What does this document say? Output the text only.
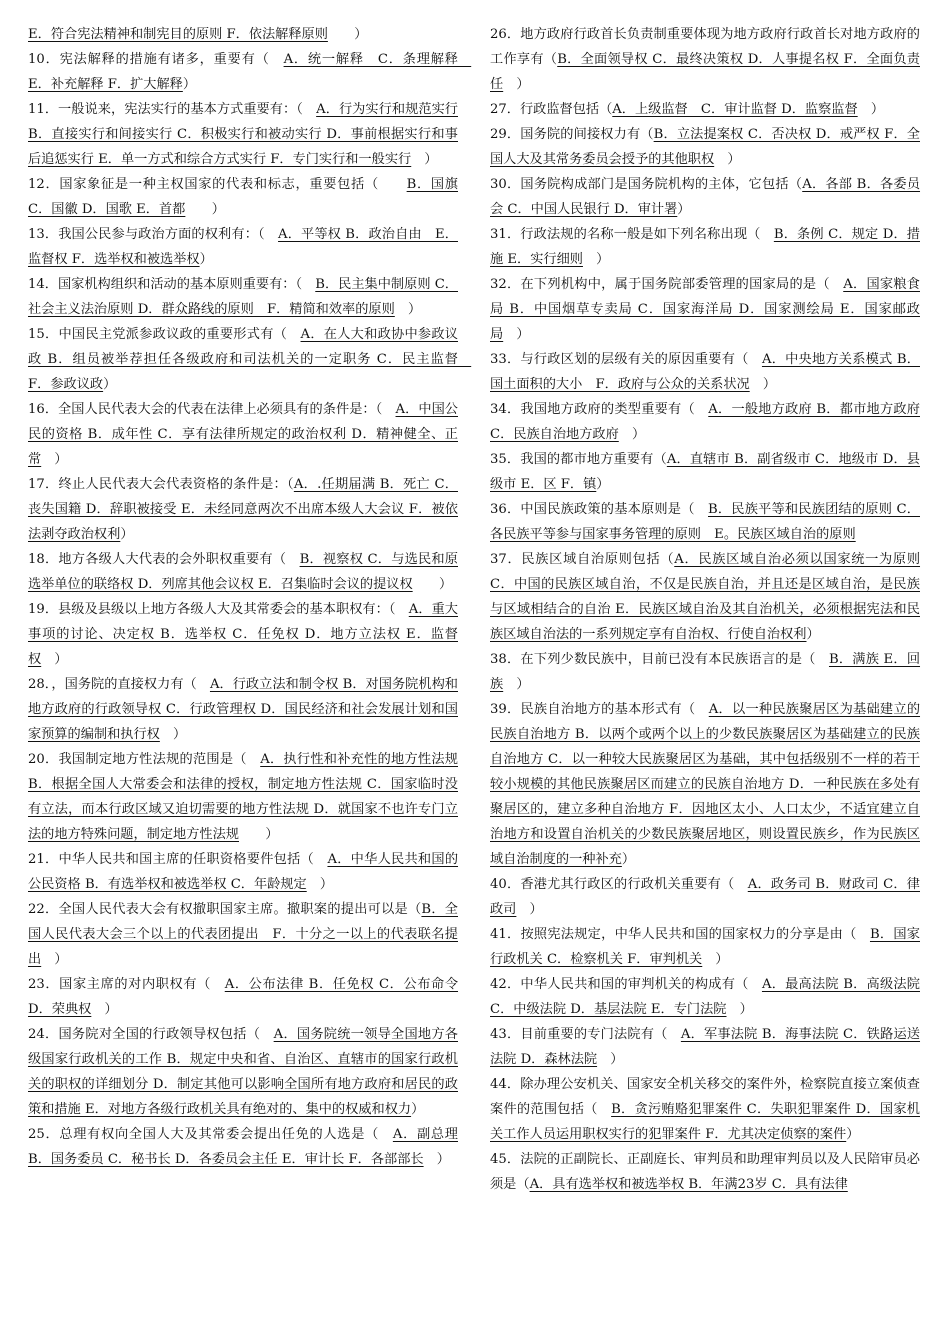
E．符合宪法精神和制宪目的原则 F．依法解释原则　　）

10．宪法解释的措施有诸多，重要有（　A．统一解释　C．条理解释　E．补充解释 F．扩大解释）

11．一般说来，宪法实行的基本方式重要有：（　A．行为实行和规范实行 B．直接实行和间接实行 C．积极实行和被动实行 D．事前根据实行和事后追惩实行 E．单一方式和综合方式实行 F．专门实行和一般实行　）

12．国家象征是一种主权国家的代表和标志，重要包括（　　B．国旗 C．国徽 D．国歌 E．首都　　）

13．我国公民参与政治方面的权利有：（　A．平等权 B．政治自由　E．监督权 F．选举权和被选举权）

14．国家机构组织和活动的基本原则重要有：（　B．民主集中制原则 C．社会主义法治原则 D．群众路线的原则　F．精简和效率的原则　）

15．中国民主党派参政议政的重要形式有（　A．在人大和政协中参政议政 B．组员被举荐担任各级政府和司法机关的一定职务 C．民主监督　F．参政议政）

16．全国人民代表大会的代表在法律上必须具有的条件是：（　A．中国公民的资格 B．成年性 C．享有法律所规定的政治权利 D．精神健全、正常　）

17．终止人民代表大会代表资格的条件是：（A．.任期届满 B．死亡 C．丧失国籍 D．辞职被接受 E．未经同意两次不出席本级人大会议 F．被依法剥夺政治权利）

18．地方各级人大代表的会外职权重要有（　B．视察权 C．与选民和原选举单位的联络权 D．列席其他会议权 E．召集临时会议的提议权　　）

19．县级及县级以上地方各级人大及其常委会的基本职权有：（　A．重大事项的讨论、决定权 B．选举权 C．任免权 D．地方立法权 E．监督权　）

28．，国务院的直接权力有（　A．行政立法和制令权 B．对国务院机构和地方政府的行政领导权 C．行政管理权 D．国民经济和社会发展计划和国家预算的编制和执行权　）

20．我国制定地方性法规的范围是（　A．执行性和补充性的地方性法规 B．根据全国人大常委会和法律的授权，制定地方性法规 C．国家临时没有立法，而本行政区域又迫切需要的地方性法规 D．就国家不也许专门立法的地方特殊问题，制定地方性法规　　）

21．中华人民共和国主席的任职资格要件包括（　A．中华人民共和国的公民资格 B．有选举权和被选举权 C．年龄规定　）

22．全国人民代表大会有权撤职国家主席。撤职案的提出可以是（B．全国人民代表大会三个以上的代表团提出　F．十分之一以上的代表联名提出　）

23．国家主席的对内职权有（　A．公布法律 B．任免权 C．公布命令 D．荣典权　）

24．国务院对全国的行政领导权包括（　A．国务院统一领导全国地方各级国家行政机关的工作 B．规定中央和省、自治区、直辖市的国家行政机关的职权的详细划分 D．制定其他可以影响全国所有地方政府和居民的政策和措施 E．对地方各级行政机关具有绝对的、集中的权威和权力）

25．总理有权向全国人大及其常委会提出任免的人选是（　A．副总理 B．国务委员 C．秘书长 D．各委员会主任 E．审计长 F．各部部长　）

26．地方政府行政首长负责制重要体现为地方政府行政首长对地方政府的工作享有（B．全面领导权 C．最终决策权 D．人事提名权 F．全面负责任　）

27．行政监督包括（A．上级监督　C．审计监督 D．监察监督　）

29．国务院的间接权力有（B．立法提案权 C．否决权 D．戒严权 F．全国人大及其常务委员会授予的其他职权　）

30．国务院构成部门是国务院机构的主体，它包括（A．各部 B．各委员会 C．中国人民银行 D．审计署）

31．行政法规的名称一般是如下列名称出现（　B．条例 C．规定 D．措施 E．实行细则　）

32．在下列机构中，属于国务院部委管理的国家局的是（　A．国家粮食局 B．中国烟草专卖局 C．国家海洋局 D．国家测绘局 E．国家邮政局　）

33．与行政区划的层级有关的原因重要有（　A．中央地方关系模式 B．国土面积的大小　F．政府与公众的关系状况　）

34．我国地方政府的类型重要有（　A．一般地方政府 B．都市地方政府 C．民族自治地方政府　）

35．我国的都市地方重要有（A．直辖市 B．副省级市 C．地级市 D．县级市 E．区 F．镇）

36．中国民族政策的基本原则是（　B．民族平等和民族团结的原则 C．各民族平等参与国家事务管理的原则　E。民族区域自治的原则

37．民族区域自治原则包括（A．民族区域自治必须以国家统一为原则 C．中国的民族区域自治，不仅是民族自治，并且还是区域自治，是民族与区域相结合的自治 E．民族区域自治及其自治机关，必须根据宪法和民族区域自治法的一系列规定享有自治权、行使自治权利）

38．在下列少数民族中，目前已没有本民族语言的是（　B．满族 E．回族　）

39．民族自治地方的基本形式有（　A．以一种民族聚居区为基础建立的民族自治地方 B．以两个或两个以上的少数民族聚居区为基础建立的民族自治地方 C．以一种较大民族聚居区为基础，其中包括级别不一样的若干较小规模的其他民族聚居区而建立的民族自治地方 D．一种民族在多处有聚居区的，建立多种自治地方 F．因地区太小、人口太少，不适宜建立自治地方和设置自治机关的少数民族聚居地区，则设置民族乡，作为民族区域自治制度的一种补充）

40．香港尤其行政区的行政机关重要有（　A．政务司 B．财政司 C．律政司　）

41．按照宪法规定，中华人民共和国的国家权力的分享是由（　B．国家行政机关 C．检察机关 F．审判机关　）

42．中华人民共和国的审判机关的构成有（　A．最高法院 B．高级法院 C．中级法院 D．基层法院 E．专门法院　）

43．目前重要的专门法院有（　A．军事法院 B．海事法院 C．铁路运送法院 D．森林法院　）

44．除办理公安机关、国家安全机关移交的案件外，检察院直接立案侦查案件的范围包括（　B．贪污贿赂犯罪案件 C．失职犯罪案件 D．国家机关工作人员运用职权实行的犯罪案件 F．尤其决定侦察的案件）

45．法院的正副院长、正副庭长、审判员和助理审判员以及人民陪审员必须是（A．具有选举权和被选举权 B．年满23岁 C．具有法律
